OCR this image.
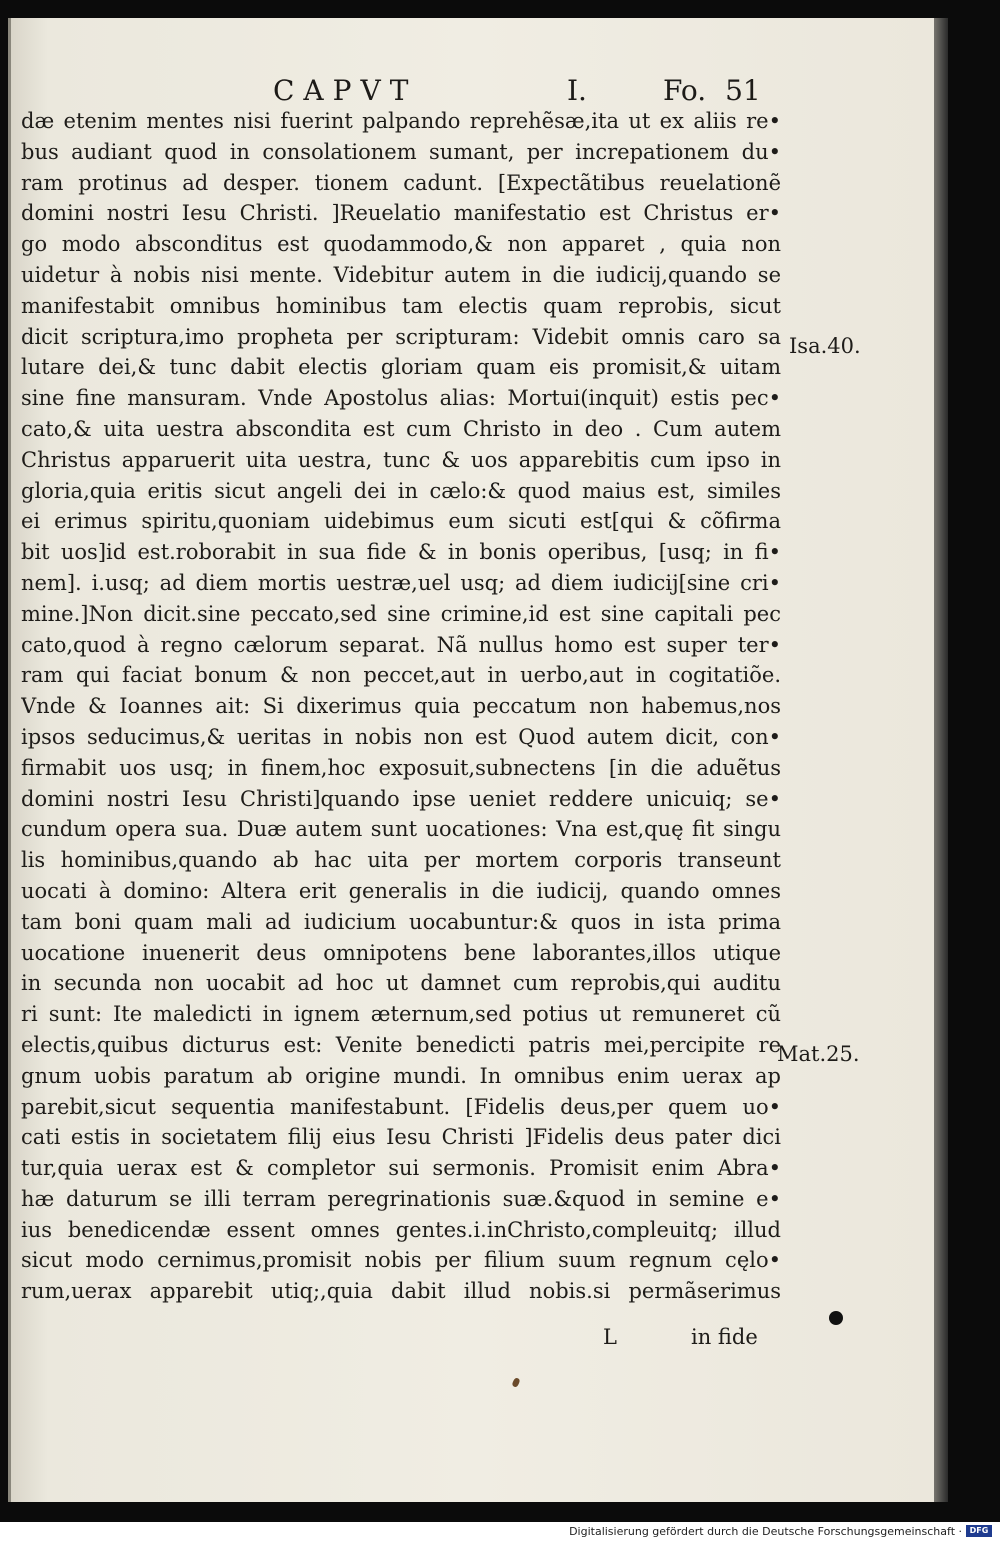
CAPVT	I.	Fo. 51
dæ etenim mentes nisi fuerint palpando reprehẽsæ,ita ut ex aliis re•
bus audiant quod in consolationem sumant, per increpationem du•
ram protinus ad desper. tionem cadunt. [Expectãtibus reuelationẽ
domini nostri Iesu Christi. ]Reuelatio manifestatio est Christus er•
go modo absconditus est quodammodo,& non apparet , quia non
uidetur à nobis nisi mente. Videbitur autem in die iudicij,quando se
manifestabit omnibus hominibus tam electis quam reprobis, sicut
dicit scriptura,imo propheta per scripturam: Videbit omnis caro sa
lutare dei,& tunc dabit electis gloriam quam eis promisit,& uitam
sine fine mansuram. Vnde Apostolus alias: Mortui(inquit) estis pec•
cato,& uita uestra abscondita est cum Christo in deo . Cum autem
Christus apparuerit uita uestra, tunc & uos apparebitis cum ipso in
gloria,quia eritis sicut angeli dei in cælo:& quod maius est, similes
ei erimus spiritu,quoniam uidebimus eum sicuti est[qui & cõfirma
bit uos]id est.roborabit in sua fide & in bonis operibus, [usq; in fi•
nem]. i.usq; ad diem mortis uestræ,uel usq; ad diem iudicij[sine cri•
mine.]Non dicit.sine peccato,sed sine crimine,id est sine capitali pec
cato,quod à regno cælorum separat. Nã nullus homo est super ter•
ram qui faciat bonum & non peccet,aut in uerbo,aut in cogitatiõe.
Vnde & Ioannes ait: Si dixerimus quia peccatum non habemus,nos
ipsos seducimus,& ueritas in nobis non est Quod autem dicit, con•
firmabit uos usq; in finem,hoc exposuit,subnectens [in die aduẽtus
domini nostri Iesu Christi]quando ipse ueniet reddere unicuiq; se•
cundum opera sua. Duæ autem sunt uocationes: Vna est,quę fit singu
lis hominibus,quando ab hac uita per mortem corporis transeunt
uocati à domino: Altera erit generalis in die iudicij, quando omnes
tam boni quam mali ad iudicium uocabuntur:& quos in ista prima
uocatione inuenerit deus omnipotens bene laborantes,illos utique
in secunda non uocabit ad hoc ut damnet cum reprobis,qui auditu
ri sunt: Ite maledicti in ignem æternum,sed potius ut remuneret cũ
electis,quibus dicturus est: Venite benedicti patris mei,percipite re
gnum uobis paratum ab origine mundi. In omnibus enim uerax ap
parebit,sicut sequentia manifestabunt. [Fidelis deus,per quem uo•
cati estis in societatem filij eius Iesu Christi ]Fidelis deus pater dici
tur,quia uerax est & completor sui sermonis. Promisit enim Abra•
hæ daturum se illi terram peregrinationis suæ.&quod in semine e•
ius benedicendæ essent omnes gentes.i.inChristo,compleuitq; illud
sicut modo cernimus,promisit nobis per filium suum regnum cęlo•
rum,uerax apparebit utiq;,quia dabit illud nobis.si permãserimus
Isa.40.
Mat.25.
L	in fide
Digitalisierung gefördert durch die Deutsche Forschungsgemeinschaft · DFG
